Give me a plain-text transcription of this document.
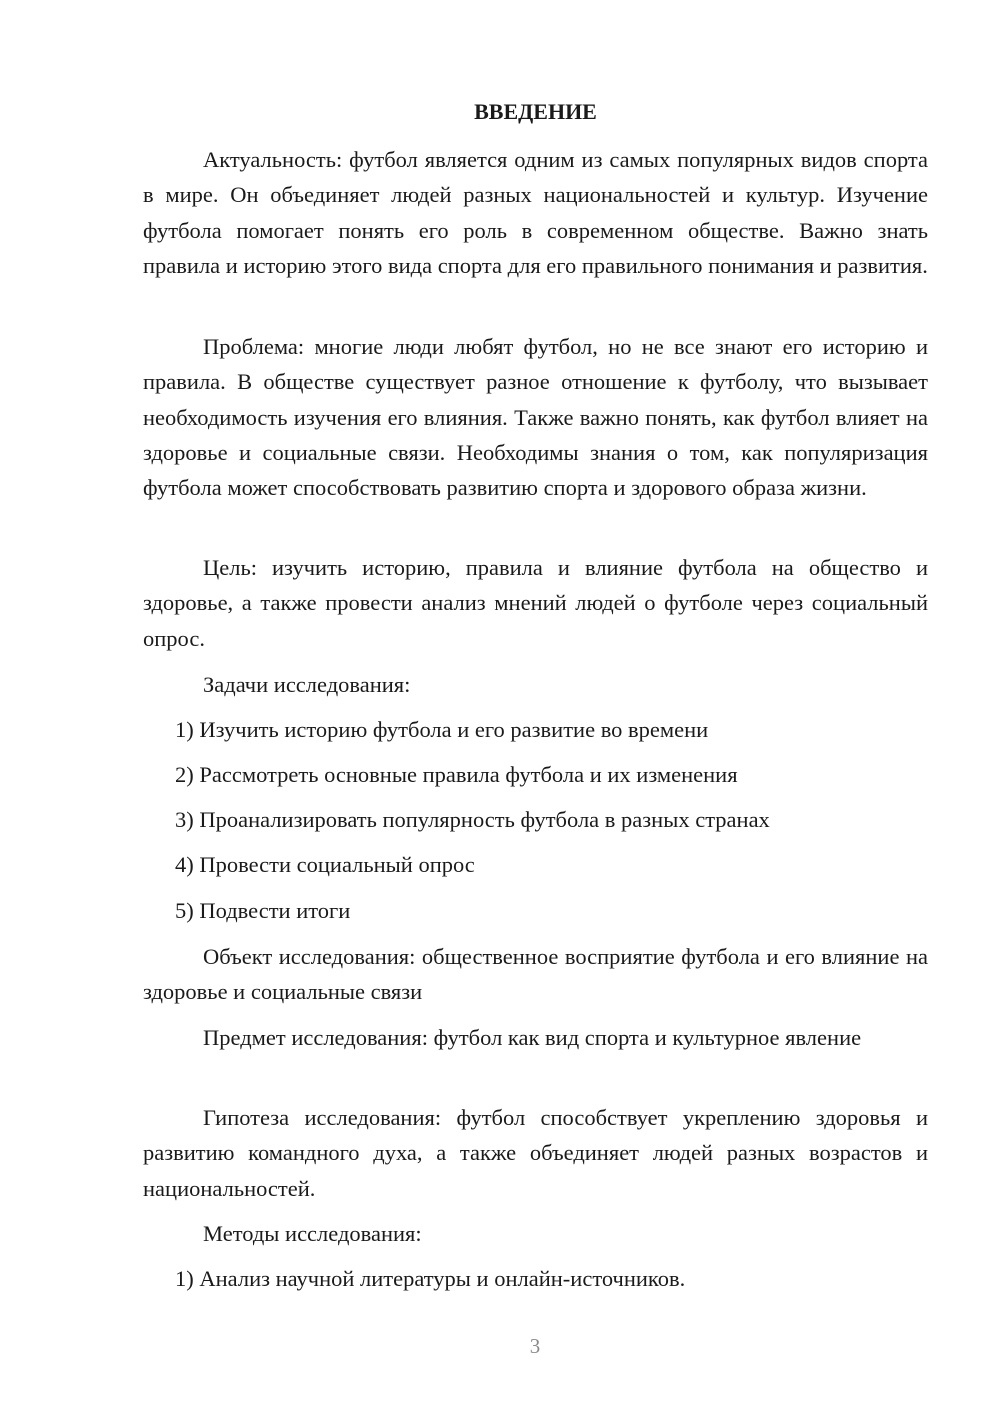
ВВЕДЕНИЕ
Актуальность: футбол является одним из самых популярных видов спорта в мире. Он объединяет людей разных национальностей и культур. Изучение футбола помогает понять его роль в современном обществе. Важно знать правила и историю этого вида спорта для его правильного понимания и развития.
Проблема: многие люди любят футбол, но не все знают его историю и правила. В обществе существует разное отношение к футболу, что вызывает необходимость изучения его влияния. Также важно понять, как футбол влияет на здоровье и социальные связи. Необходимы знания о том, как популяризация футбола может способствовать развитию спорта и здорового образа жизни.
Цель: изучить историю, правила и влияние футбола на общество и здоровье, а также провести анализ мнений людей о футболе через социальный опрос.
Задачи исследования:
1) Изучить историю футбола и его развитие во времени
2) Рассмотреть основные правила футбола и их изменения
3) Проанализировать популярность футбола в разных странах
4) Провести социальный опрос
5) Подвести итоги
Объект исследования: общественное восприятие футбола и его влияние на здоровье и социальные связи
Предмет исследования: футбол как вид спорта и культурное явление
Гипотеза исследования: футбол способствует укреплению здоровья и развитию командного духа, а также объединяет людей разных возрастов и национальностей.
Методы исследования:
1) Анализ научной литературы и онлайн-источников.
3
